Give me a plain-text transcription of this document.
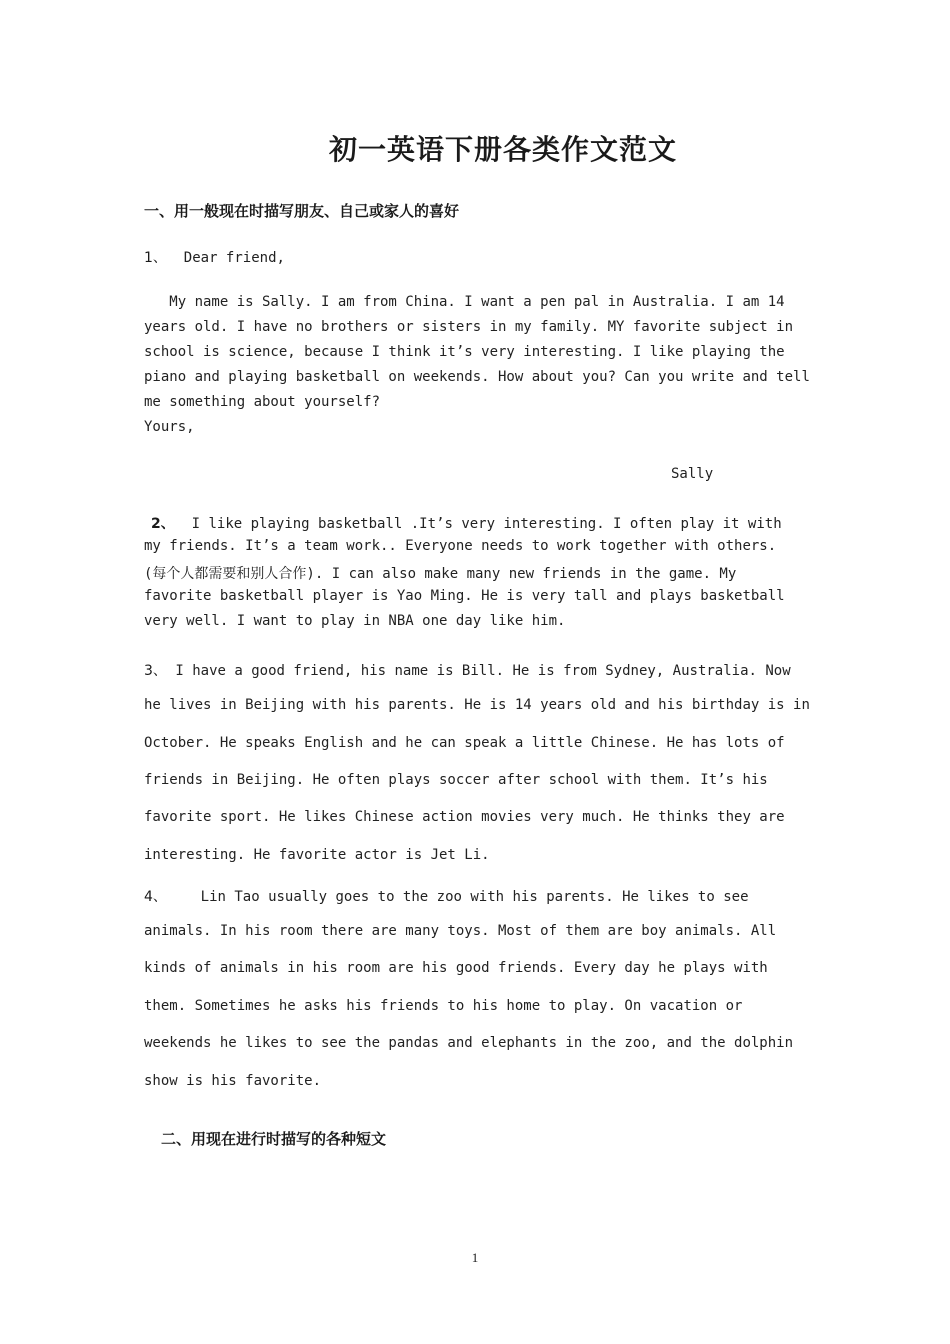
初一英语下册各类作文范文
一、用一般现在时描写朋友、自己或家人的喜好

1、 Dear friend,

My name is Sally. I am from China. I want a pen pal in Australia. I am 14

years old. I have no brothers or sisters in my family. MY favorite subject in

school is science, because I think it’s very interesting. I like playing the

piano and playing basketball on weekends. How about you? Can you write and tell

me something about yourself?

Yours,

Sally

2、 I like playing basketball .It’s very interesting. I often play it with

my friends. It’s a team work.. Everyone needs to work together with others.

(每个人都需要和别人合作). I can also make many new friends in the game. My

favorite basketball player is Yao Ming. He is very tall and plays basketball

very well. I want to play in NBA one day like him.

3、 I have a good friend, his name is Bill. He is from Sydney, Australia. Now

he lives in Beijing with his parents. He is 14 years old and his birthday is in

October. He speaks English and he can speak a little Chinese. He has lots of

friends in Beijing. He often plays soccer after school with them. It’s his

favorite sport. He likes Chinese action movies very much. He thinks they are

interesting. He favorite actor is Jet Li.

4、 Lin Tao usually goes to the zoo with his parents. He likes to see

animals. In his room there are many toys. Most of them are boy animals. All

kinds of animals in his room are his good friends. Every day he plays with

them. Sometimes he asks his friends to his home to play. On vacation or

weekends he likes to see the pandas and elephants in the zoo, and the dolphin

show is his favorite.

二、用现在进行时描写的各种短文
1
